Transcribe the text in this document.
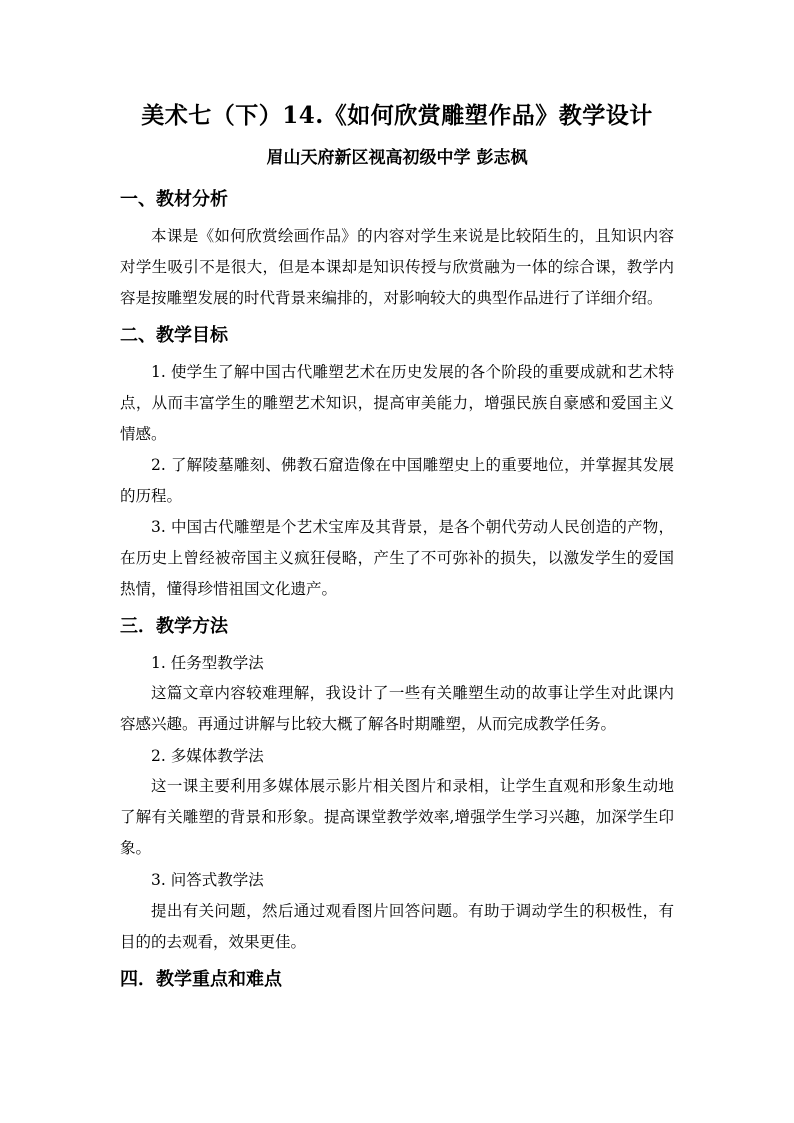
美术七（下）14.《如何欣赏雕塑作品》教学设计
眉山天府新区视高初级中学 彭志枫
一、教材分析

本课是《如何欣赏绘画作品》的内容对学生来说是比较陌生的，且知识内容对学生吸引不是很大，但是本课却是知识传授与欣赏融为一体的综合课，教学内容是按雕塑发展的时代背景来编排的，对影响较大的典型作品进行了详细介绍。

二、教学目标

1. 使学生了解中国古代雕塑艺术在历史发展的各个阶段的重要成就和艺术特点，从而丰富学生的雕塑艺术知识，提高审美能力，增强民族自豪感和爱国主义情感。

2. 了解陵墓雕刻、佛教石窟造像在中国雕塑史上的重要地位，并掌握其发展的历程。

3. 中国古代雕塑是个艺术宝库及其背景，是各个朝代劳动人民创造的产物，在历史上曾经被帝国主义疯狂侵略，产生了不可弥补的损失，以激发学生的爱国热情，懂得珍惜祖国文化遗产。

三．教学方法
1. 任务型教学法

这篇文章内容较难理解，我设计了一些有关雕塑生动的故事让学生对此课内容感兴趣。再通过讲解与比较大概了解各时期雕塑，从而完成教学任务。

2. 多媒体教学法

这一课主要利用多媒体展示影片相关图片和录相，让学生直观和形象生动地了解有关雕塑的背景和形象。提高课堂教学效率,增强学生学习兴趣，加深学生印象。

3. 问答式教学法

提出有关问题，然后通过观看图片回答问题。有助于调动学生的积极性，有目的的去观看，效果更佳。

四．教学重点和难点
